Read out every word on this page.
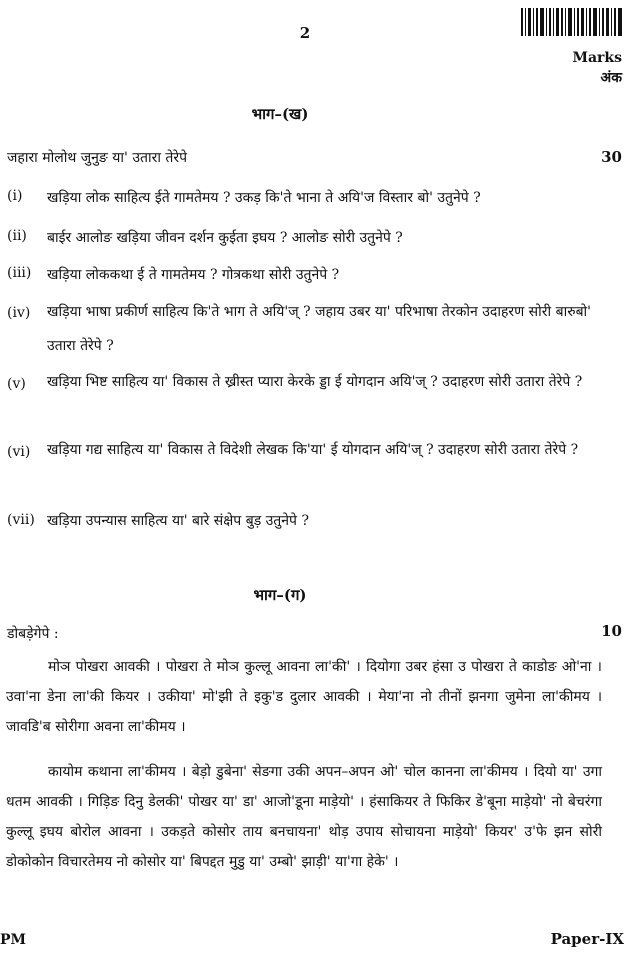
2
Marks
अंक
भाग–(ख)
जहारा मोलोथ जुनुङ या' उतारा तेरेपे	30
(i) खड़िया लोक साहित्य ईते गामतेमय ? उकड़ कि'ते भाना ते अयि'ज विस्तार बो' उतुनेपे ?
(ii) बाईर आलोङ खड़िया जीवन दर्शन कुईता इघय ? आलोङ सोरी उतुनेपे ?
(iii) खड़िया लोककथा ई ते गामतेमय ? गोत्रकथा सोरी उतुनेपे ?
(iv) खड़िया भाषा प्रकीर्ण साहित्य कि'ते भाग ते अयि'ज् ? जहाय उबर या' परिभाषा तेरकोन उदाहरण सोरी बारुबो' उतारा तेरेपे ?
(v) खड़िया भिष्ट साहित्य या' विकास ते ख्रीस्त प्यारा केरके ड्डा ई योगदान अयि'ज् ? उदाहरण सोरी उतारा तेरेपे ?
(vi) खड़िया गद्य साहित्य या' विकास ते विदेशी लेखक कि'या' ई योगदान अयि'ज् ? उदाहरण सोरी उतारा तेरेपे ?
(vii) खड़िया उपन्यास साहित्य या' बारे संक्षेप बुड़ उतुनेपे ?
भाग–(ग)
डोबड़ेगेपे :	10
मोञ पोखरा आवकी । पोखरा ते मोञ कुल्लू आवना ला'की' । दियोगा उबर हंसा उ पोखरा ते काडोङ ओ'ना । उवा'ना डेना ला'की कियर । उकीया' मो'झी ते इकु'ड दुलार आवकी । मेया'ना नो तीनों झनगा जुमेना ला'कीमय । जावडि'ब सोरीगा अवना ला'कीमय ।
कायोम कथाना ला'कीमय । बेड़ो डुबेना' सेङगा उकी अपन–अपन ओ' चोल कानना ला'कीमय । दियो या' उगा धतम आवकी । गिड़िङ दिनु डेलकी' पोखर या' डा' आजो'डूना माड़ेयो' । हंसाकियर ते फिकिर डे'बूना माड़ेयो' नो बेचरंगा कुल्लू इघय बोरोल आवना । उकड़ते कोसोर ताय बनचायना' थोड़ उपाय सोचायना माड़ेयो' कियर' उ'फे झन सोरी डोकोकोन विचारतेमय नो कोसोर या' बिपद्दत मुडु या' उम्बो' झाड़ी' या'गा हेके' ।
PM	Paper-IX
